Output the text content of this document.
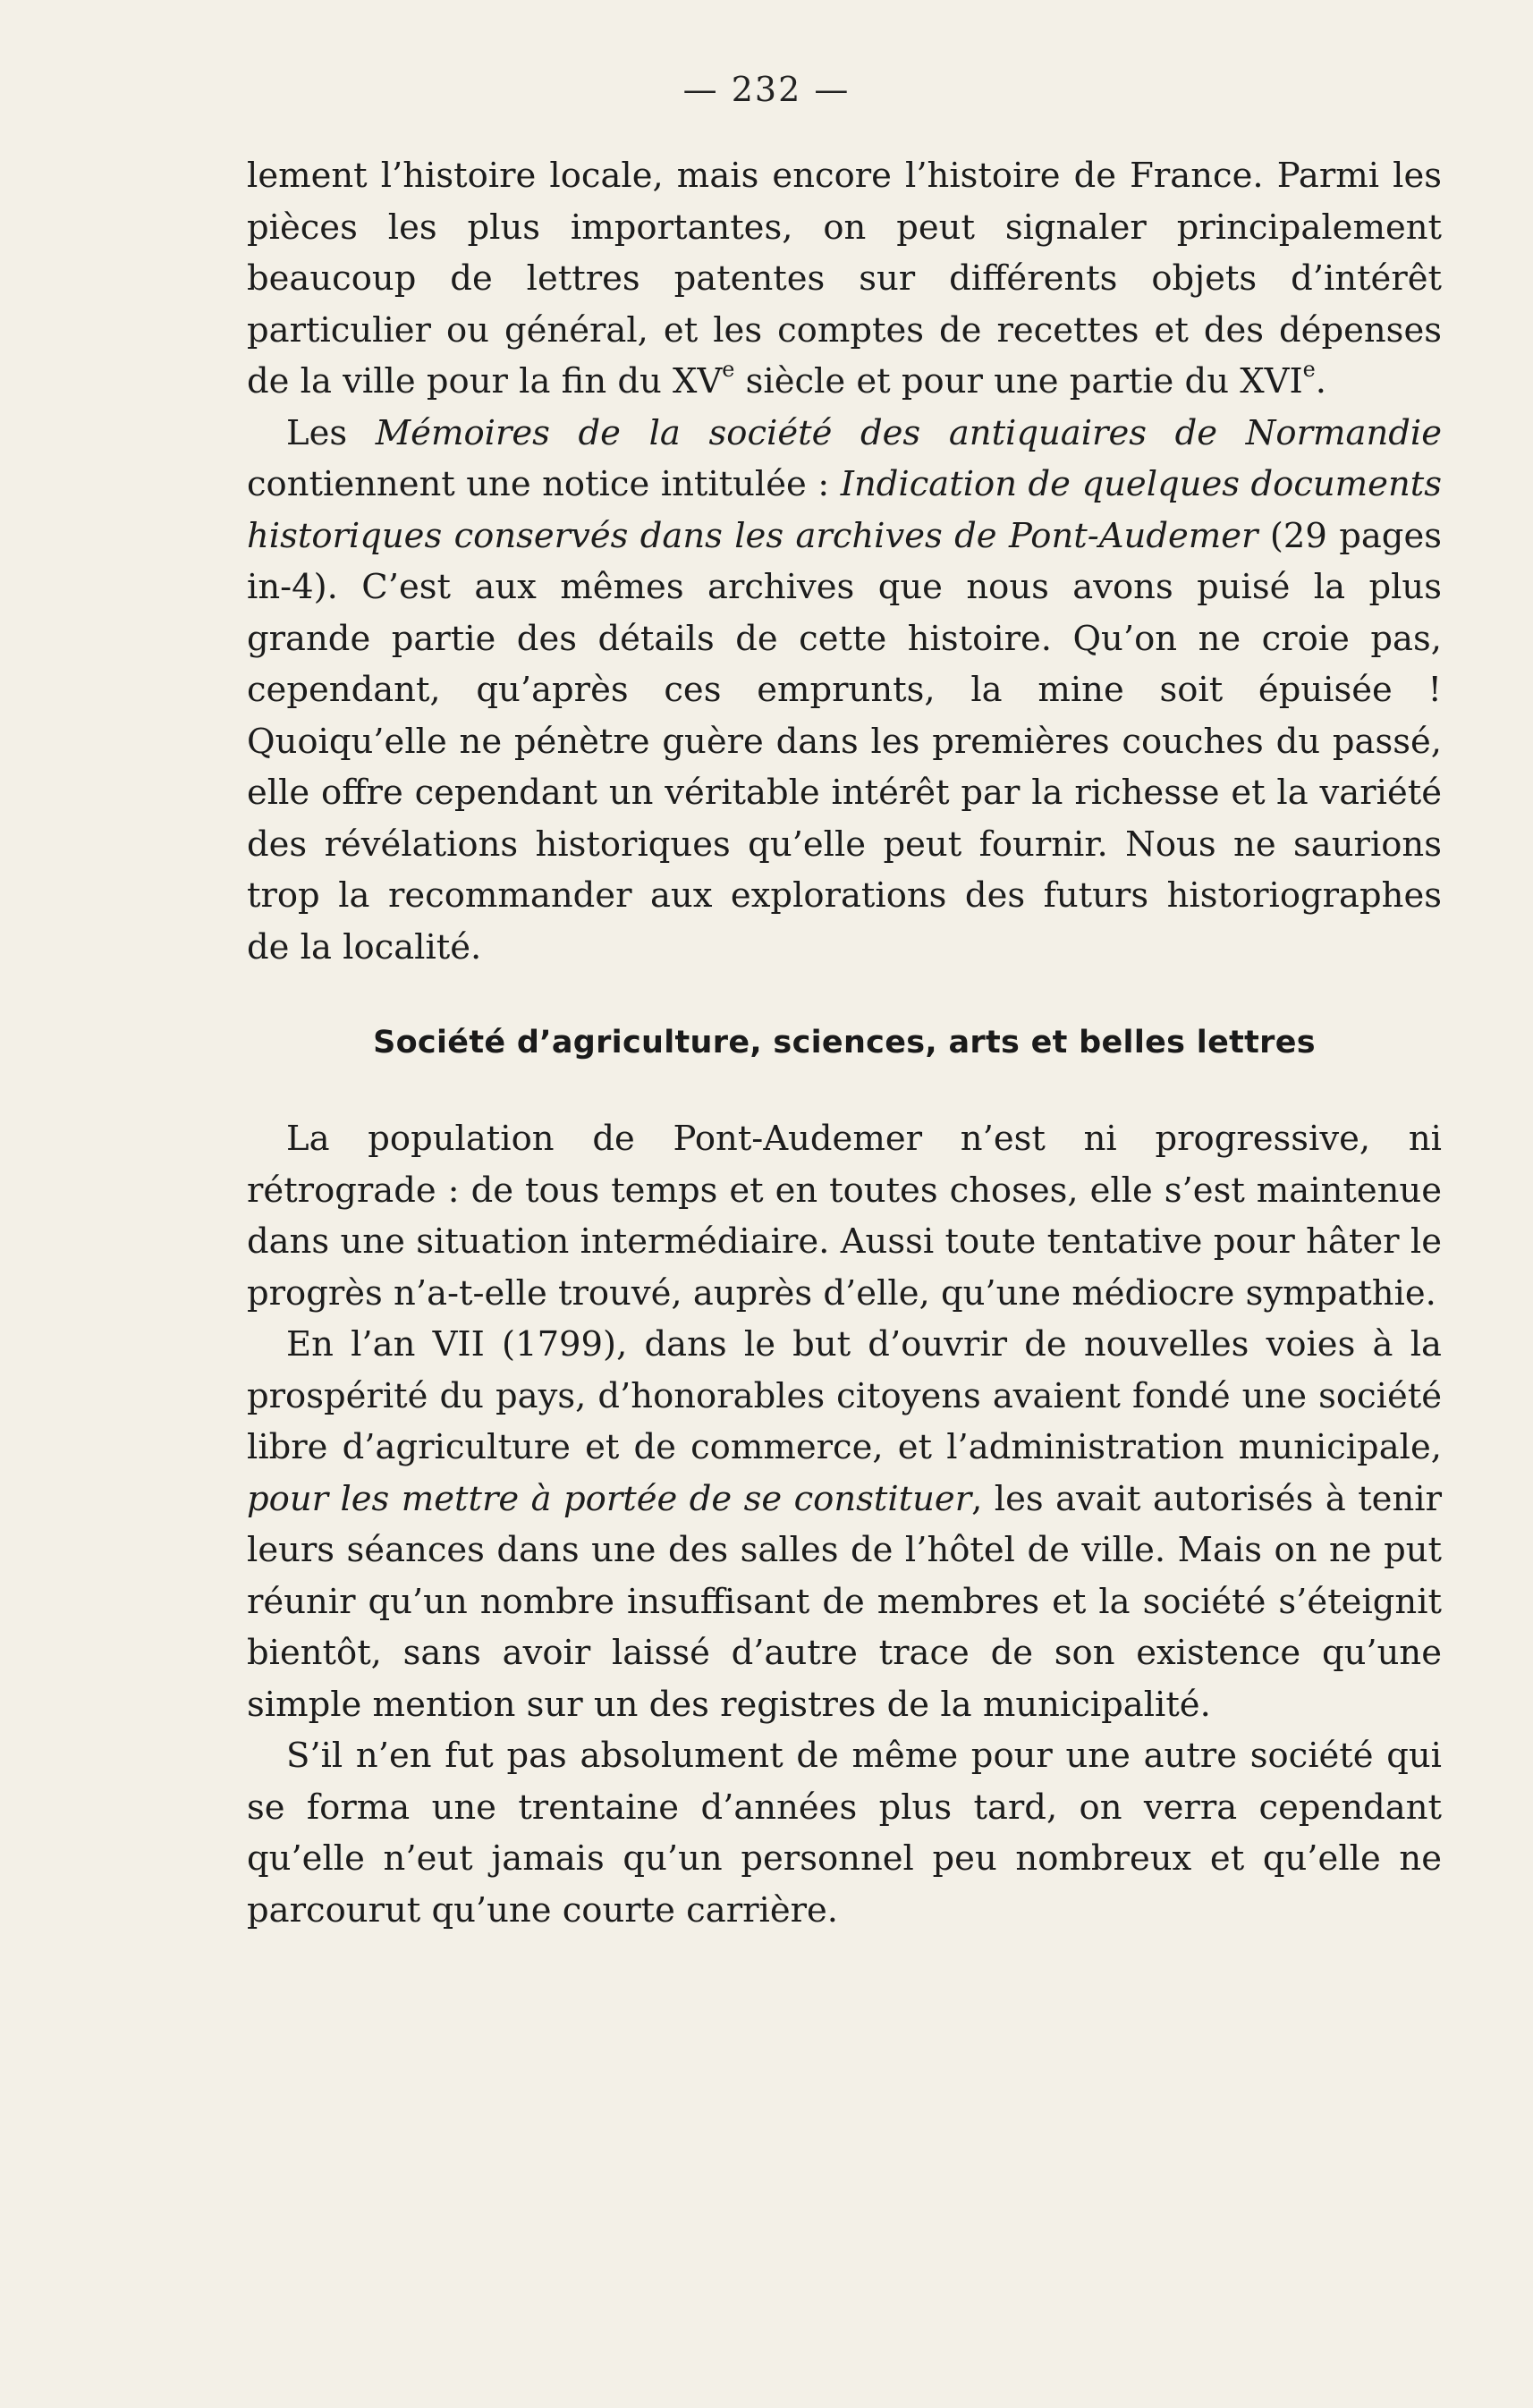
— 232 —

lement l’histoire locale, mais encore l’histoire de France. Parmi les pièces les plus importantes, on peut signaler principalement beaucoup de lettres patentes sur différents objets d’intérêt particulier ou général, et les comptes de recettes et des dépenses de la ville pour la fin du XVe siècle et pour une partie du XVIe.

Les Mémoires de la société des antiquaires de Normandie contiennent une notice intitulée : Indication de quelques documents historiques conservés dans les archives de Pont-Audemer (29 pages in-4). C’est aux mêmes archives que nous avons puisé la plus grande partie des détails de cette histoire. Qu’on ne croie pas, cependant, qu’après ces emprunts, la mine soit épuisée ! Quoiqu’elle ne pénètre guère dans les premières couches du passé, elle offre cependant un véritable intérêt par la richesse et la variété des révélations historiques qu’elle peut fournir. Nous ne saurions trop la recommander aux explorations des futurs historiographes de la localité.

Société d’agriculture, sciences, arts et belles lettres

La population de Pont-Audemer n’est ni progressive, ni rétrograde : de tous temps et en toutes choses, elle s’est maintenue dans une situation intermédiaire. Aussi toute tentative pour hâter le progrès n’a-t-elle trouvé, auprès d’elle, qu’une médiocre sympathie.

En l’an VII (1799), dans le but d’ouvrir de nouvelles voies à la prospérité du pays, d’honorables citoyens avaient fondé une société libre d’agriculture et de commerce, et l’administration municipale, pour les mettre à portée de se constituer, les avait autorisés à tenir leurs séances dans une des salles de l’hôtel de ville. Mais on ne put réunir qu’un nombre insuffisant de membres et la société s’éteignit bientôt, sans avoir laissé d’autre trace de son existence qu’une simple mention sur un des registres de la municipalité.

S’il n’en fut pas absolument de même pour une autre société qui se forma une trentaine d’années plus tard, on verra cependant qu’elle n’eut jamais qu’un personnel peu nombreux et qu’elle ne parcourut qu’une courte carrière.
